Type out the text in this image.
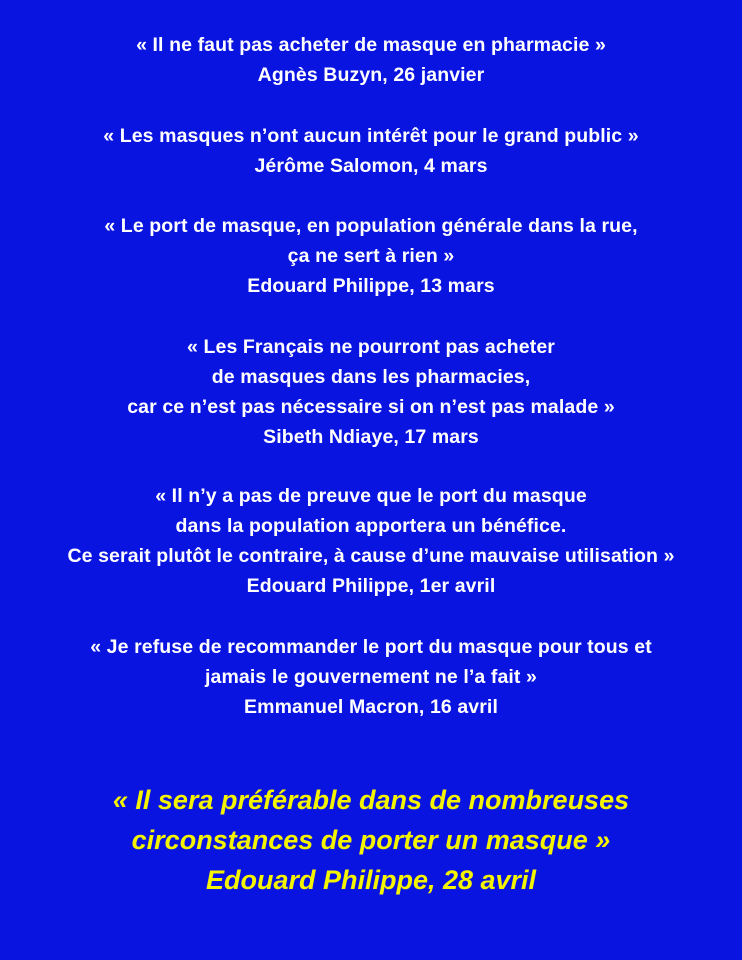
« Il ne faut pas acheter de masque en pharmacie »
Agnès Buzyn, 26 janvier
« Les masques n’ont aucun intérêt pour le grand public »
Jérôme Salomon, 4 mars
« Le port de masque, en population générale dans la rue,
ça ne sert à rien »
Edouard Philippe, 13 mars
« Les Français ne pourront pas acheter
de masques dans les pharmacies,
car ce n’est pas nécessaire si on n’est pas malade »
Sibeth Ndiaye, 17 mars
« Il n’y a pas de preuve que le port du masque
dans la population apportera un bénéfice.
Ce serait plutôt le contraire, à cause d’une mauvaise utilisation »
Edouard Philippe, 1er avril
« Je refuse de recommander le port du masque pour tous et
jamais le gouvernement ne l’a fait »
Emmanuel Macron, 16 avril
« Il sera préférable dans de nombreuses
circonstances de porter un masque »
Edouard Philippe, 28 avril
